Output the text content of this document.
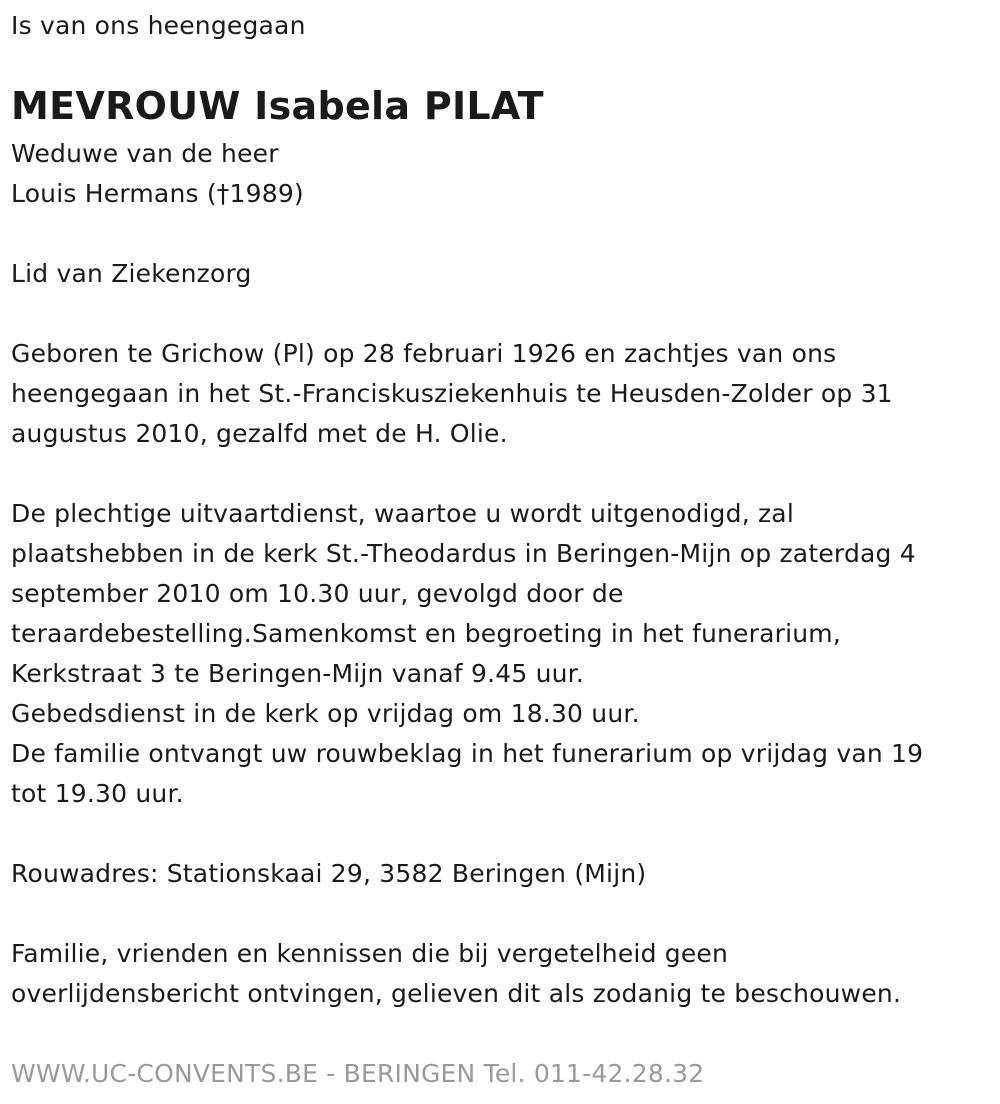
Is van ons heengegaan
MEVROUW Isabela PILAT
Weduwe van de heer
Louis Hermans (†1989)
Lid van Ziekenzorg
Geboren te Grichow (Pl) op 28 februari 1926 en zachtjes van ons
heengegaan in het St.-Franciskusziekenhuis te Heusden-Zolder op 31
augustus 2010, gezalfd met de H. Olie.
De plechtige uitvaartdienst, waartoe u wordt uitgenodigd, zal
plaatshebben in de kerk St.-Theodardus in Beringen-Mijn op zaterdag 4
september 2010 om 10.30 uur, gevolgd door de
teraardebestelling.Samenkomst en begroeting in het funerarium,
Kerkstraat 3 te Beringen-Mijn vanaf 9.45 uur.
Gebedsdienst in de kerk op vrijdag om 18.30 uur.
De familie ontvangt uw rouwbeklag in het funerarium op vrijdag van 19
tot 19.30 uur.
Rouwadres: Stationskaai 29, 3582 Beringen (Mijn)
Familie, vrienden en kennissen die bij vergetelheid geen
overlijdensbericht ontvingen, gelieven dit als zodanig te beschouwen.
WWW.UC-CONVENTS.BE - BERINGEN Tel. 011-42.28.32
